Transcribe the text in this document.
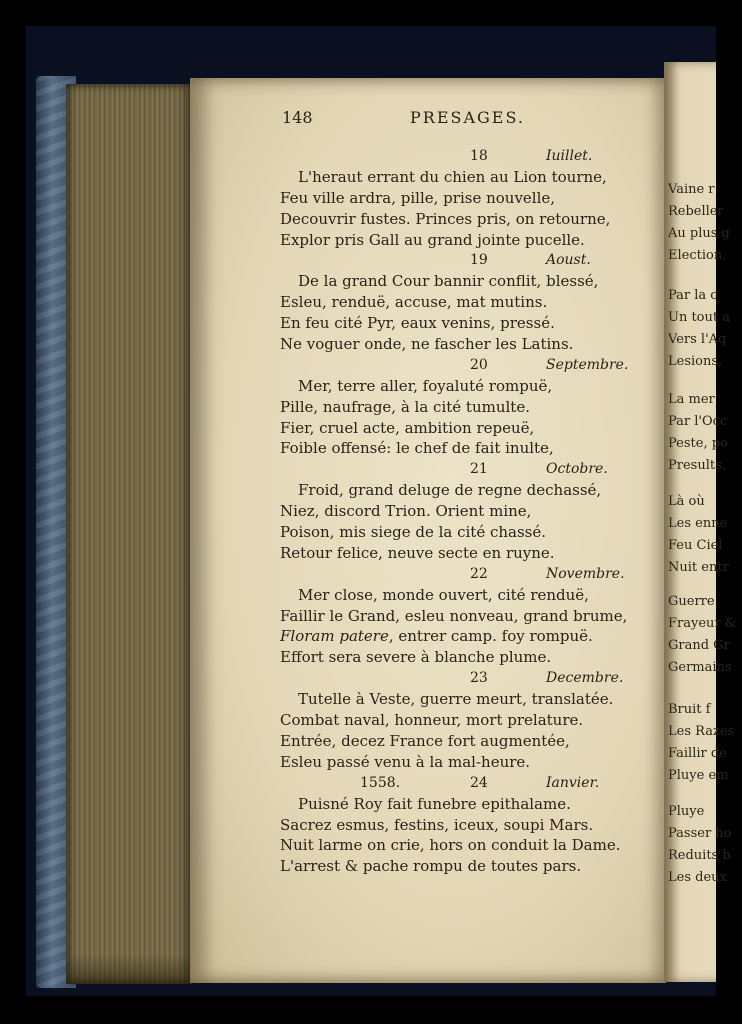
Vaine r
Rebeller
Au plus g
Election,
Par la c
Un tout a
Vers l'Aq
Lesions,
La mer
Par l'Occ
Peste, po
Presults.
Là où
Les enne
Feu Ciel
Nuit entr
Guerre
Frayeur &
Grand Gr
Germains
Bruit f
Les Razes
Faillir de
Pluye em
Pluye
Passer ho
Reduits b
Les deux
148	PRESAGES.
18	Iuillet.
L'heraut errant du chien au Lion tourne,
Feu ville ardra, pille, prise nouvelle,
Decouvrir fustes. Princes pris, on retourne,
Explor pris Gall au grand jointe pucelle.
19	Aoust.
De la grand Cour bannir conflit, blessé,
Esleu, renduë, accuse, mat mutins.
En feu cité Pyr, eaux venins, pressé.
Ne voguer onde, ne fascher les Latins.
20	Septembre.
Mer, terre aller, foyaluté rompuë,
Pille, naufrage, à la cité tumulte.
Fier, cruel acte, ambition repeuë,
Foible offensé: le chef de fait inulte,
21	Octobre.
Froid, grand deluge de regne dechassé,
Niez, discord Trion. Orient mine,
Poison, mis siege de la cité chassé.
Retour felice, neuve secte en ruyne.
22	Novembre.
Mer close, monde ouvert, cité renduë,
Faillir le Grand, esleu nonveau, grand brume,
Floram patere, entrer camp. foy rompuë.
Effort sera severe à blanche plume.
23	Decembre.
Tutelle à Veste, guerre meurt, translatée.
Combat naval, honneur, mort prelature.
Entrée, decez France fort augmentée,
Esleu passé venu à la mal-heure.
1558.	24	Ianvier.
Puisné Roy fait funebre epithalame.
Sacrez esmus, festins, iceux, soupi Mars.
Nuit larme on crie, hors on conduit la Dame.
L'arrest & pache rompu de toutes pars.
